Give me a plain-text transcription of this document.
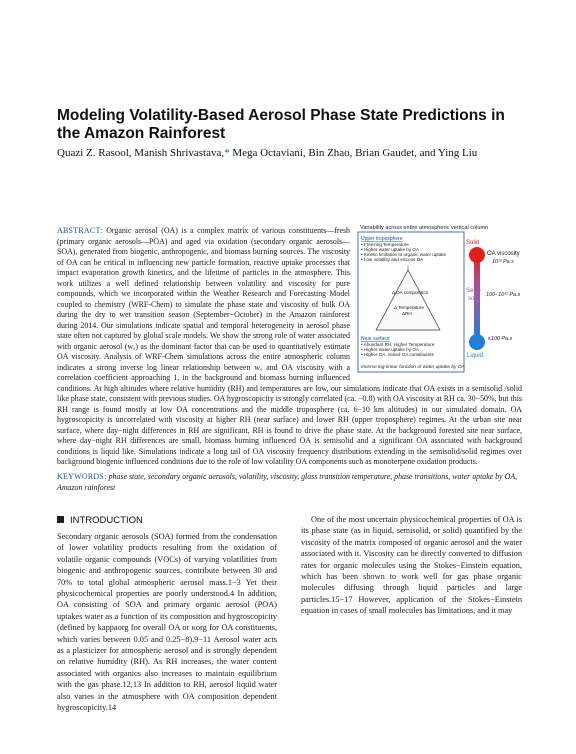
Modeling Volatility-Based Aerosol Phase State Predictions in the Amazon Rainforest
Quazi Z. Rasool, Manish Shrivastava,* Mega Octaviani, Bin Zhao, Brian Gaudet, and Ying Liu
Variability across entire atmospheric vertical column
Upper troposphere
• Freezing Temperature
• Higher water uptake by OA
• Kinetic limitation to organic water uptake
• Low volatility and viscous OA
Δ OA composition
Δ Temperature
ΔRH
Near surface
• Abundant RH, Higher Temperature
• Higher water uptake by OA
• Higher OA, varied OA constituents
Inverse log-linear function of water uptake by OA
Solid
Semi-
solid
Liquid
OA viscosity
10¹² Pa.s
100- 10¹² Pa.s
≤100 Pa.s
ABSTRACT: Organic aerosol (OA) is a complex matrix of various constituents—fresh (primary organic aerosols—POA) and aged via oxidation (secondary organic aerosols—SOA), generated from biogenic, anthropogenic, and biomass burning sources. The viscosity of OA can be critical in influencing new particle formation, reactive uptake processes that impact evaporation growth kinetics, and the lifetime of particles in the atmosphere. This work utilizes a well defined relationship between volatility and viscosity for pure compounds, which we incorporated within the Weather Research and Forecasting Model coupled to chemistry (WRF-Chem) to simulate the phase state and viscosity of bulk OA during the dry to wet transition season (September−October) in the Amazon rainforest during 2014. Our simulations indicate spatial and temporal heterogeneity in aerosol phase state often not captured by global scale models. We show the strong role of water associated with organic aerosol (wₒ) as the dominant factor that can be used to quantitatively estimate OA viscosity. Analysis of WRF-Chem simulations across the entire atmospheric column indicates a strong inverse log linear relationship between wₒ and OA viscosity with a correlation coefficient approaching 1, in the background and biomass burning influenced conditions. At high altitudes where relative humidity (RH) and temperatures are low, our simulations indicate that OA exists in a semisolid /solid like phase state, consistent with previous studies. OA hygroscopicity is strongly correlated (ca. −0.8) with OA viscosity at RH ca. 30−50%, but this RH range is found mostly at low OA concentrations and the middle troposphere (ca. 6−10 km altitudes) in our simulated domain. OA hygroscopicity is uncorrelated with viscosity at higher RH (near surface) and lower RH (upper troposphere) regimes. At the urban site near surface, where day−night differences in RH are significant, RH is found to drive the phase state. At the background forested site near surface, where day−night RH differences are small, biomass burning influenced OA is semisolid and a significant OA associated with background conditions is liquid like. Simulations indicate a long tail of OA viscosity frequency distributions extending in the semisolid/solid regimes over background biogenic influenced conditions due to the role of low volatility OA components such as monoterpene oxidation products.
KEYWORDS: phase state, secondary organic aerosols, volatility, viscosity, glass transition temperature, phase transitions, water uptake by OA, Amazon rainforest
INTRODUCTION
Secondary organic aerosols (SOA) formed from the condensation of lower volatility products resulting from the oxidation of volatile organic compounds (VOCs) of varying volatilities from biogenic and anthropogenic sources, contribute between 30 and 70% to total global atmospheric aerosol mass.1−3 Yet their physicochemical properties are poorly understood.4 In addition, OA consisting of SOA and primary organic aerosol (POA) uptakes water as a function of its composition and hygroscopicity (defined by kappaorg for overall OA or κorg for OA constituents, which varies between 0.05 and 0.25−8).9−11 Aerosol water acts as a plasticizer for atmospheric aerosol and is strongly dependent on relative humidity (RH). As RH increases, the water content associated with organics also increases to maintain equilibrium with the gas phase.12,13 In addition to RH, aerosol liquid water also varies in the atmosphere with OA composition dependent hygroscopicity.14
One of the most uncertain physicochemical properties of OA is its phase state (as in liquid, semisolid, or solid) quantified by the viscosity of the matrix composed of organic aerosol and the water associated with it. Viscosity can be directly converted to diffusion rates for organic molecules using the Stokes−Einstein equation, which has been shown to work well for gas phase organic molecules diffusing through liquid particles and large particles.15−17 However, application of the Stokes−Einstein equation in cases of small molecules has limitations, and it may
